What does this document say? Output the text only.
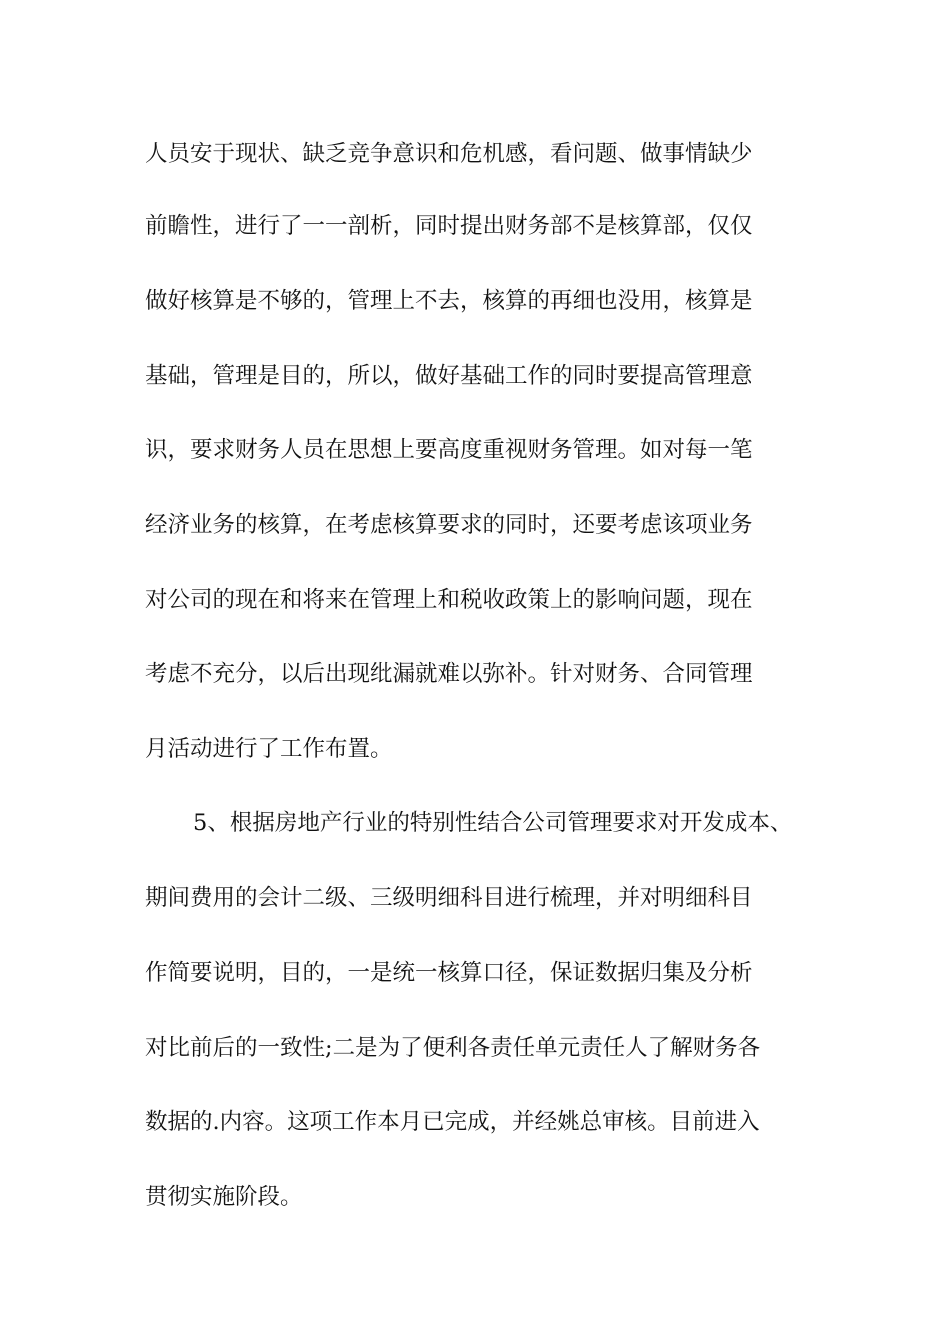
人员安于现状、缺乏竞争意识和危机感，看问题、做事情缺少
前瞻性，进行了一一剖析，同时提出财务部不是核算部，仅仅
做好核算是不够的，管理上不去，核算的再细也没用，核算是
基础，管理是目的，所以，做好基础工作的同时要提高管理意
识，要求财务人员在思想上要高度重视财务管理。如对每一笔
经济业务的核算，在考虑核算要求的同时，还要考虑该项业务
对公司的现在和将来在管理上和税收政策上的影响问题，现在
考虑不充分，以后出现纰漏就难以弥补。针对财务、合同管理
月活动进行了工作布置。
5、根据房地产行业的特别性结合公司管理要求对开发成本、
期间费用的会计二级、三级明细科目进行梳理，并对明细科目
作简要说明，目的，一是统一核算口径，保证数据归集及分析
对比前后的一致性;二是为了便利各责任单元责任人了解财务各
数据的.内容。这项工作本月已完成，并经姚总审核。目前进入
贯彻实施阶段。
